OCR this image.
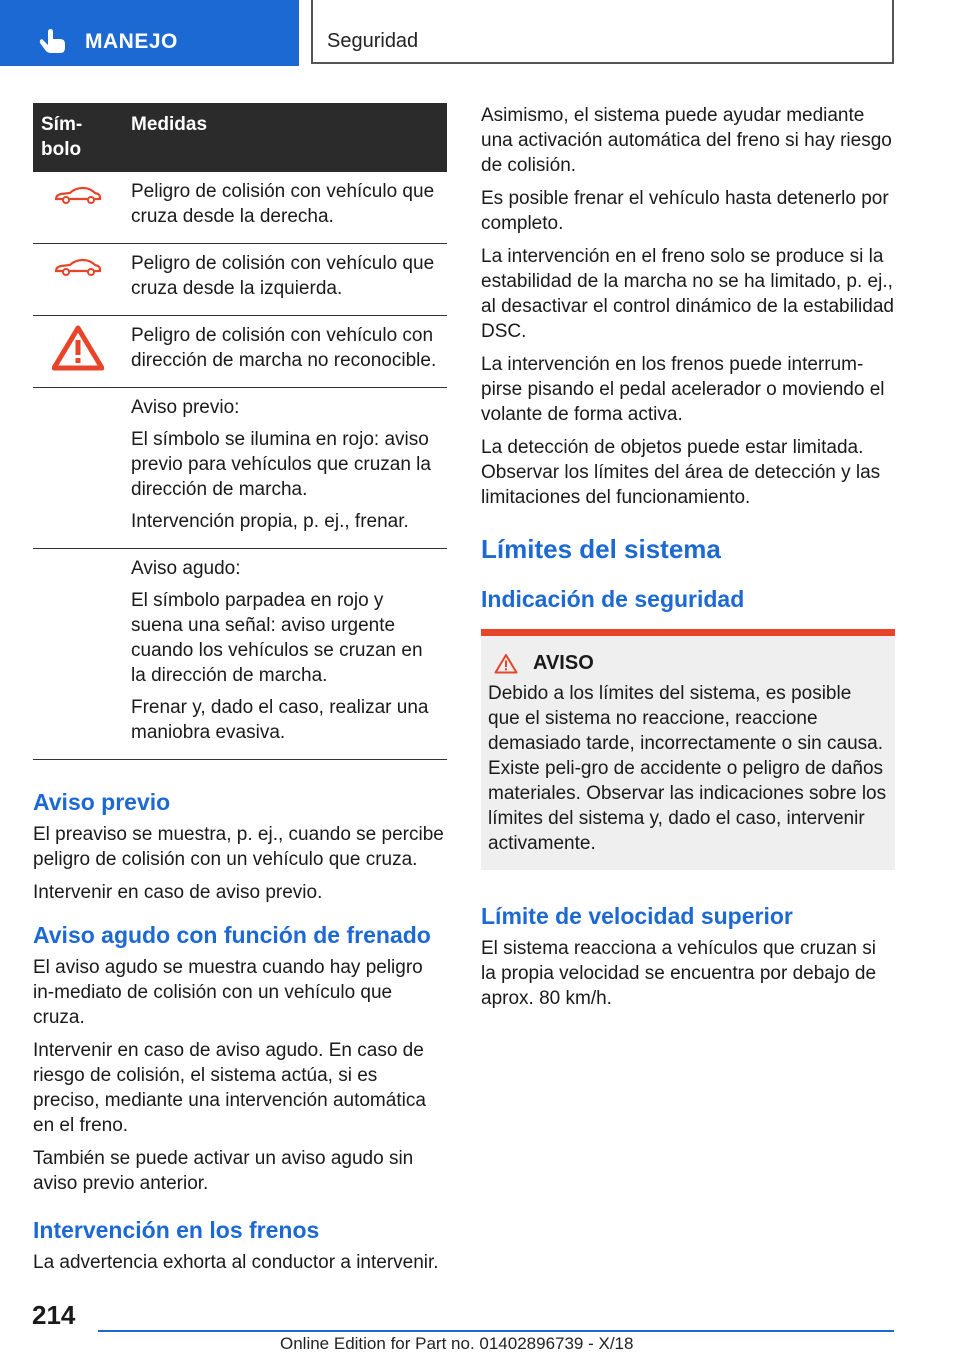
MANEJO	Seguridad
Sím-
bolo	Medidas

Peligro de colisión con vehículo que cruza desde la derecha.

Peligro de colisión con vehículo que cruza desde la izquierda.

Peligro de colisión con vehículo con dirección de marcha no reconocible.

	Aviso previo:

El símbolo se ilumina en rojo: aviso previo para vehículos que cruzan la dirección de marcha.

Intervención propia, p. ej., frenar.

	Aviso agudo:

El símbolo parpadea en rojo y suena una señal: aviso urgente cuando los vehículos se cruzan en la dirección de marcha.

Frenar y, dado el caso, realizar una maniobra evasiva.

Aviso previo

El preaviso se muestra, p. ej., cuando se percibe peligro de colisión con un vehículo que cruza.

Intervenir en caso de aviso previo.

Aviso agudo con función de frenado

El aviso agudo se muestra cuando hay peligro in-mediato de colisión con un vehículo que cruza.

Intervenir en caso de aviso agudo. En caso de riesgo de colisión, el sistema actúa, si es preciso, mediante una intervención automática en el freno.

También se puede activar un aviso agudo sin aviso previo anterior.

Intervención en los frenos

La advertencia exhorta al conductor a intervenir.

Asimismo, el sistema puede ayudar mediante una activación automática del freno si hay riesgo de colisión.

Es posible frenar el vehículo hasta detenerlo por completo.

La intervención en el freno solo se produce si la estabilidad de la marcha no se ha limitado, p. ej., al desactivar el control dinámico de la estabilidad DSC.

La intervención en los frenos puede interrum-pirse pisando el pedal acelerador o moviendo el volante de forma activa.

La detección de objetos puede estar limitada. Observar los límites del área de detección y las limitaciones del funcionamiento.

Límites del sistema
Indicación de seguridad
AVISO

Debido a los límites del sistema, es posible que el sistema no reaccione, reaccione demasiado tarde, incorrectamente o sin causa. Existe peli-gro de accidente o peligro de daños materiales. Observar las indicaciones sobre los límites del sistema y, dado el caso, intervenir activamente.

Límite de velocidad superior

El sistema reacciona a vehículos que cruzan si la propia velocidad se encuentra por debajo de aprox. 80 km/h.

214
Online Edition for Part no. 01402896739 - X/18
